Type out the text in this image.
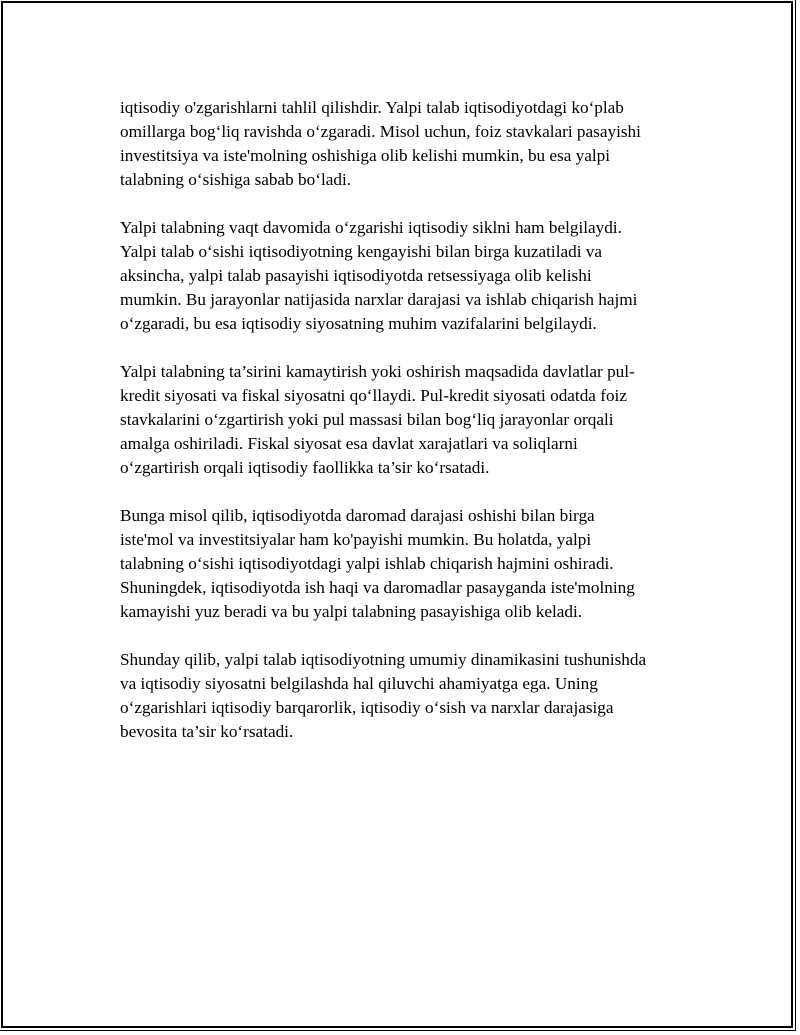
iqtisodiy o'zgarishlarni tahlil qilishdir. Yalpi talab iqtisodiyotdagi ko‘plab
omillarga bog‘liq ravishda o‘zgaradi. Misol uchun, foiz stavkalari pasayishi
investitsiya va iste'molning oshishiga olib kelishi mumkin, bu esa yalpi
talabning o‘sishiga sabab bo‘ladi.

Yalpi talabning vaqt davomida o‘zgarishi iqtisodiy siklni ham belgilaydi.
Yalpi talab o‘sishi iqtisodiyotning kengayishi bilan birga kuzatiladi va
aksincha, yalpi talab pasayishi iqtisodiyotda retsessiyaga olib kelishi
mumkin. Bu jarayonlar natijasida narxlar darajasi va ishlab chiqarish hajmi
o‘zgaradi, bu esa iqtisodiy siyosatning muhim vazifalarini belgilaydi.

Yalpi talabning ta’sirini kamaytirish yoki oshirish maqsadida davlatlar pul-
kredit siyosati va fiskal siyosatni qo‘llaydi. Pul-kredit siyosati odatda foiz
stavkalarini o‘zgartirish yoki pul massasi bilan bog‘liq jarayonlar orqali
amalga oshiriladi. Fiskal siyosat esa davlat xarajatlari va soliqlarni
o‘zgartirish orqali iqtisodiy faollikka ta’sir ko‘rsatadi.

Bunga misol qilib, iqtisodiyotda daromad darajasi oshishi bilan birga
iste'mol va investitsiyalar ham ko'payishi mumkin. Bu holatda, yalpi
talabning o‘sishi iqtisodiyotdagi yalpi ishlab chiqarish hajmini oshiradi.
Shuningdek, iqtisodiyotda ish haqi va daromadlar pasayganda iste'molning
kamayishi yuz beradi va bu yalpi talabning pasayishiga olib keladi.

Shunday qilib, yalpi talab iqtisodiyotning umumiy dinamikasini tushunishda
va iqtisodiy siyosatni belgilashda hal qiluvchi ahamiyatga ega. Uning
o‘zgarishlari iqtisodiy barqarorlik, iqtisodiy o‘sish va narxlar darajasiga
bevosita ta’sir ko‘rsatadi.
